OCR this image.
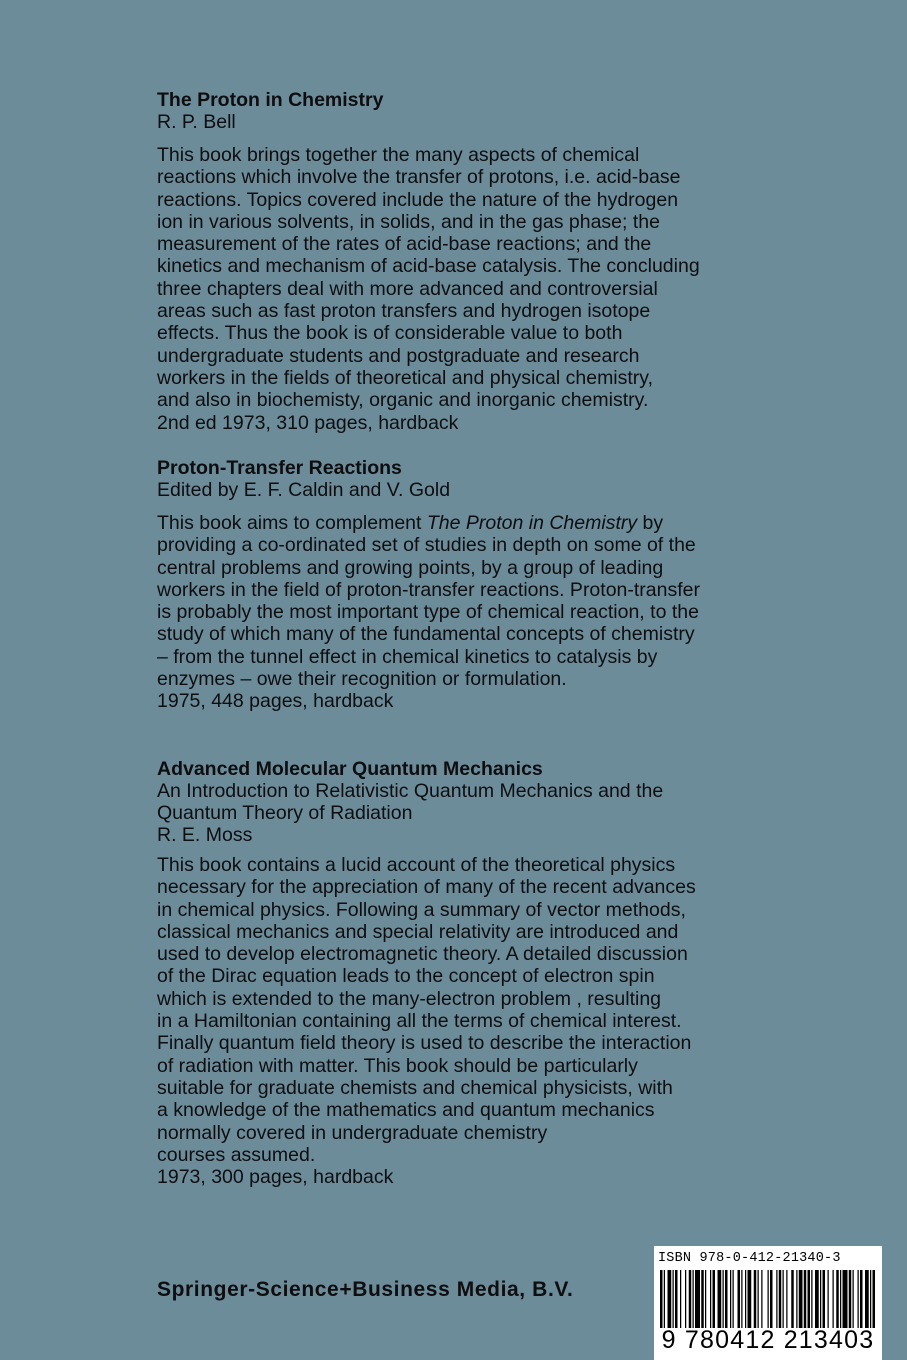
The Proton in Chemistry
R. P. Bell
This book brings together the many aspects of chemical
reactions which involve the transfer of protons, i.e. acid-base
reactions. Topics covered include the nature of the hydrogen
ion in various solvents, in solids, and in the gas phase; the
measurement of the rates of acid-base reactions; and the
kinetics and mechanism of acid-base catalysis. The concluding
three chapters deal with more advanced and controversial
areas such as fast proton transfers and hydrogen isotope
effects. Thus the book is of considerable value to both
undergraduate students and postgraduate and research
workers in the fields of theoretical and physical chemistry,
and also in biochemisty, organic and inorganic chemistry.
2nd ed 1973, 310 pages, hardback
Proton-Transfer Reactions
Edited by E. F. Caldin and V. Gold
This book aims to complement The Proton in Chemistry by
providing a co-ordinated set of studies in depth on some of the
central problems and growing points, by a group of leading
workers in the field of proton-transfer reactions. Proton-transfer
is probably the most important type of chemical reaction, to the
study of which many of the fundamental concepts of chemistry
– from the tunnel effect in chemical kinetics to catalysis by
enzymes – owe their recognition or formulation.
1975, 448 pages, hardback
Advanced Molecular Quantum Mechanics
An Introduction to Relativistic Quantum Mechanics and the
Quantum Theory of Radiation
R. E. Moss
This book contains a lucid account of the theoretical physics
necessary for the appreciation of many of the recent advances
in chemical physics. Following a summary of vector methods,
classical mechanics and special relativity are introduced and
used to develop electromagnetic theory. A detailed discussion
of the Dirac equation leads to the concept of electron spin
which is extended to the many-electron problem , resulting
in a Hamiltonian containing all the terms of chemical interest.
Finally quantum field theory is used to describe the interaction
of radiation with matter. This book should be particularly
suitable for graduate chemists and chemical physicists, with
a knowledge of the mathematics and quantum mechanics
normally covered in undergraduate chemistry
courses assumed.
1973, 300 pages, hardback
Springer-Science+Business Media, B.V.
ISBN 978-0-412-21340-3
9 780412 213403
